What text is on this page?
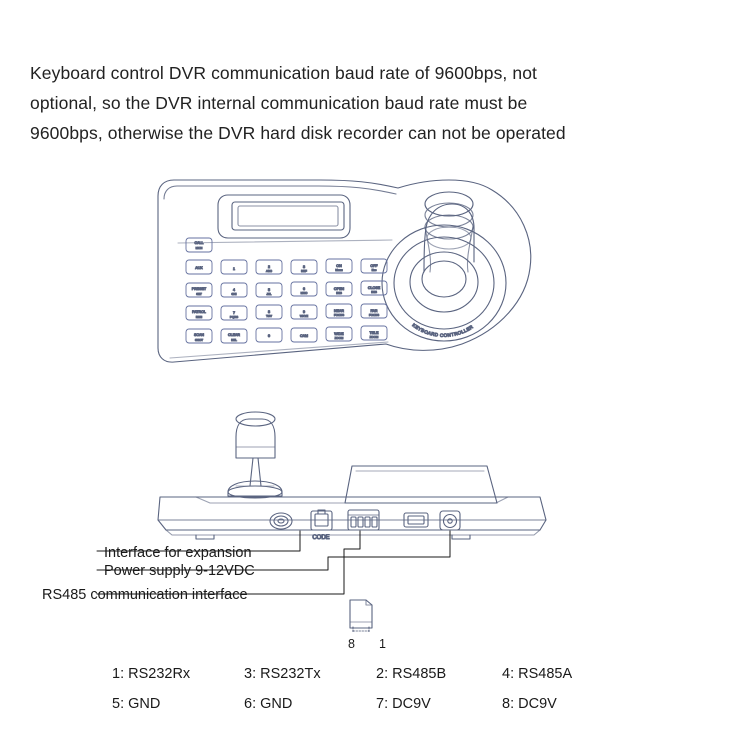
Keyboard control DVR communication baud rate of 9600bps, not
optional, so the DVR internal communication baud rate must be
9600bps, otherwise the DVR hard disk recorder can not be operated
CALL
MON
AUX	1	2
ABC
3
DEF
ON
Menu
OFF
Esc
PRESET
SET
4
GHI
5
JKL
6
MNO
OPEN
IRIS
CLOSE
IRIS
PATROL
RUN
7
PQRS
8
TUV
9
WXYZ
NEAR
FOCUS
FAR
FOCUS
SCAN
SHOT
CLEAR
DEL
0	CAM	WIDE
ZOOM
TELE
ZOOM
KEYBOARD CONTROLLER
CODE
Interface for expansion
Power supply 9-12VDC
RS485 communication interface
8 1
1: RS232Rx	3: RS232Tx	2: RS485B	4: RS485A
5: GND	6: GND	7: DC9V	8: DC9V
